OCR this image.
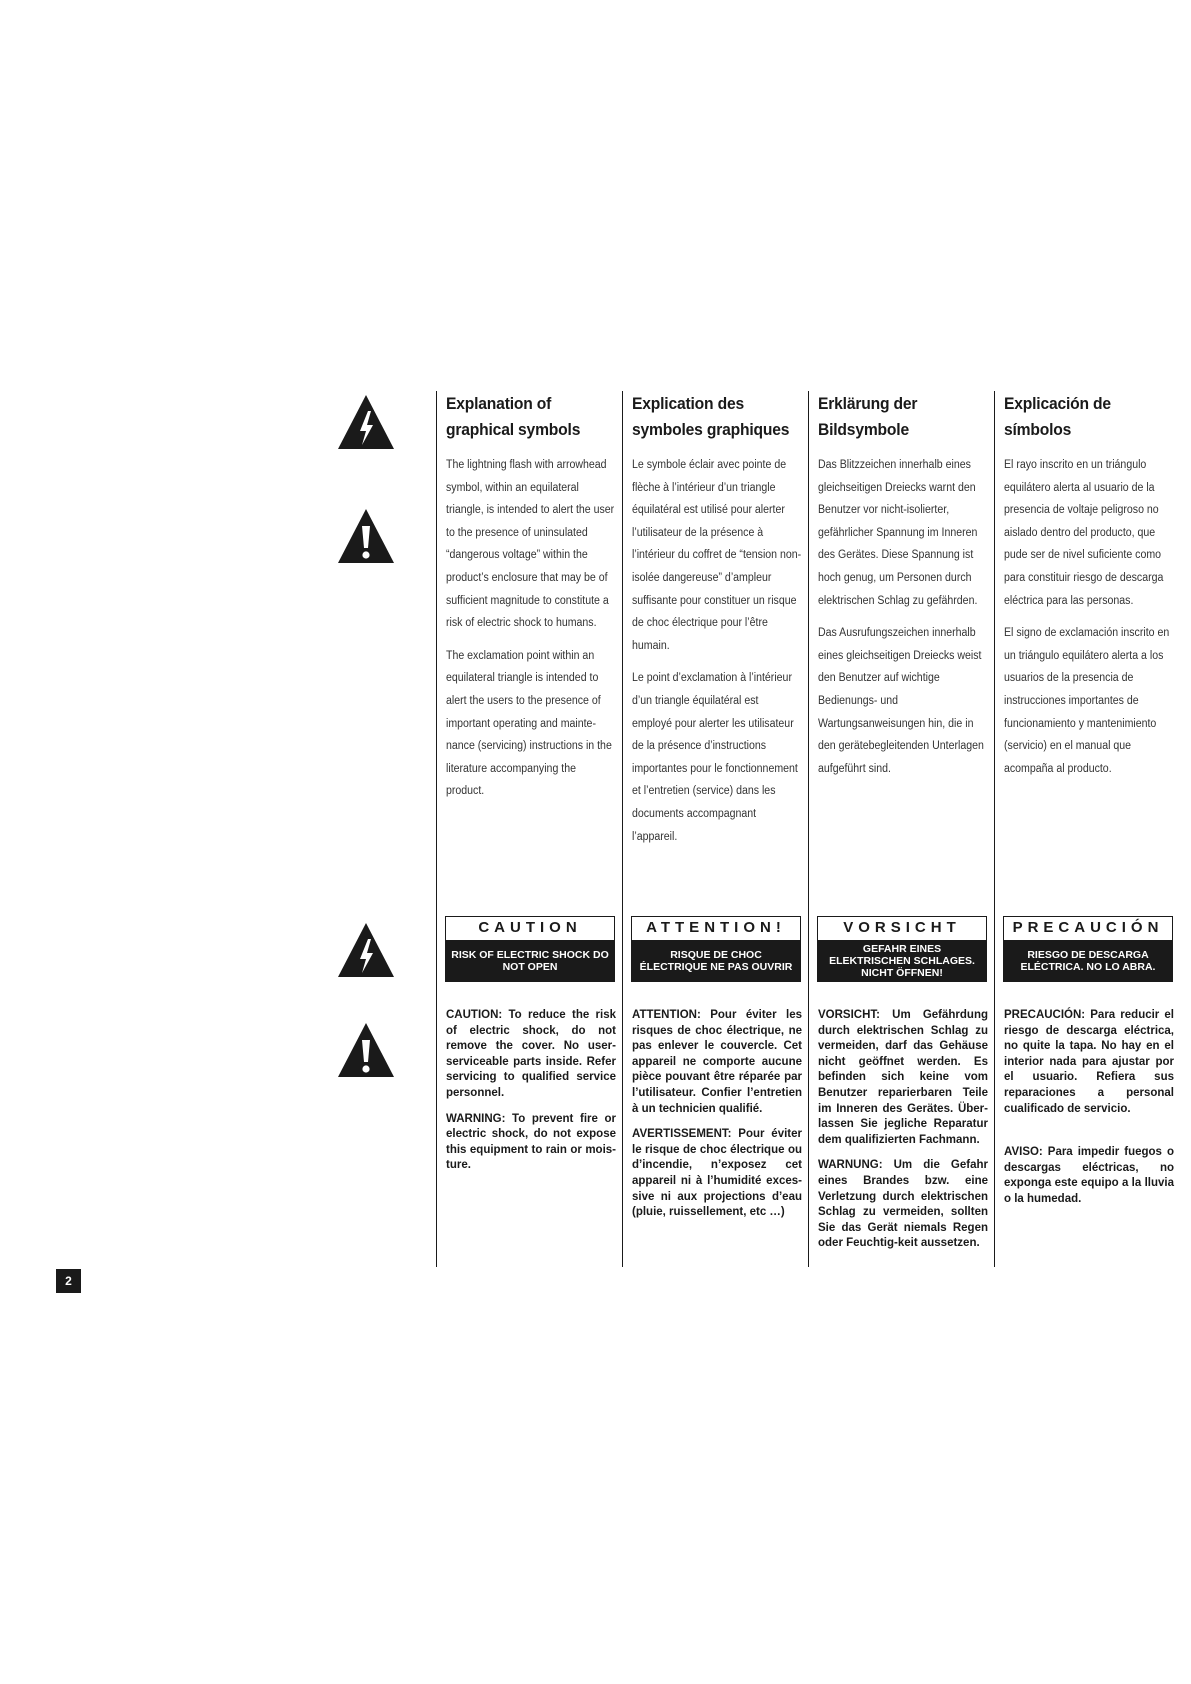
Explanation of graphical symbols

The lightning flash with arrowhead symbol, within an equilateral triangle, is intended to alert the user to the presence of uninsulated “dangerous voltage” within the product’s enclosure that may be of sufficient magnitude to constitute a risk of electric shock to humans.

The exclamation point within an equilateral triangle is intended to alert the users to the presence of important operating and mainte-nance (servicing) instructions in the literature accompanying the product.

CAUTION
RISK OF ELECTRIC SHOCK DO NOT OPEN

CAUTION: To reduce the risk of electric shock, do not remove the cover. No user-serviceable parts inside. Refer servicing to qualified service personnel.

WARNING: To prevent fire or electric shock, do not expose this equipment to rain or mois-ture.

Explication des symboles graphiques

Le symbole éclair avec pointe de flèche à l’intérieur d’un triangle équilatéral est utilisé pour alerter l’utilisateur de la présence à l’intérieur du coffret de “tension non-isolée dangereuse” d’ampleur suffisante pour constituer un risque de choc électrique pour l’être humain.

Le point d’exclamation à l’intérieur d’un triangle équilatéral est employé pour alerter les utilisateur de la présence d’instructions importantes pour le fonctionnement et l’entretien (service) dans les documents accompagnant l’appareil.

ATTENTION!
RISQUE DE CHOC ÉLECTRIQUE NE PAS OUVRIR

ATTENTION: Pour éviter les risques de choc électrique, ne pas enlever le couvercle. Cet appareil ne comporte aucune pièce pouvant être réparée par l’utilisateur. Confier l’entretien à un technicien qualifié.

AVERTISSEMENT: Pour éviter le risque de choc électrique ou d’incendie, n’exposez cet appareil ni à l’humidité exces-sive ni aux projections d’eau (pluie, ruissellement, etc …)

Erklärung der Bildsymbole

Das Blitzzeichen innerhalb eines gleichseitigen Dreiecks warnt den Benutzer vor nicht-isolierter, gefährlicher Spannung im Inneren des Gerätes. Diese Spannung ist hoch genug, um Personen durch elektrischen Schlag zu gefährden.

Das Ausrufungszeichen innerhalb eines gleichseitigen Dreiecks weist den Benutzer auf wichtige Bedienungs- und Wartungsanweisungen hin, die in den gerätebegleitenden Unterlagen aufgeführt sind.

VORSICHT
GEFAHR EINES ELEKTRISCHEN SCHLAGES. NICHT ÖFFNEN!

VORSICHT: Um Gefährdung durch elektrischen Schlag zu vermeiden, darf das Gehäuse nicht geöffnet werden. Es befinden sich keine vom Benutzer reparierbaren Teile im Inneren des Gerätes. Über-lassen Sie jegliche Reparatur dem qualifizierten Fachmann.

WARNUNG: Um die Gefahr eines Brandes bzw. eine Verletzung durch elektrischen Schlag zu vermeiden, sollten Sie das Gerät niemals Regen oder Feuchtig-keit aussetzen.

Explicación de símbolos

El rayo inscrito en un triángulo equilátero alerta al usuario de la presencia de voltaje peligroso no aislado dentro del producto, que pude ser de nivel suficiente como para constituir riesgo de descarga eléctrica para las personas.

El signo de exclamación inscrito en un triángulo equilátero alerta a los usuarios de la presencia de instrucciones importantes de funcionamiento y mantenimiento (servicio) en el manual que acompaña al producto.

PRECAUCIÓN
RIESGO DE DESCARGA ELÉCTRICA. NO LO ABRA.

PRECAUCIÓN: Para reducir el riesgo de descarga eléctrica, no quite la tapa. No hay en el interior nada para ajustar por el usuario. Refiera sus reparaciones a personal cualificado de servicio.

AVISO: Para impedir fuegos o descargas eléctricas, no exponga este equipo a la lluvia o la humedad.

2
